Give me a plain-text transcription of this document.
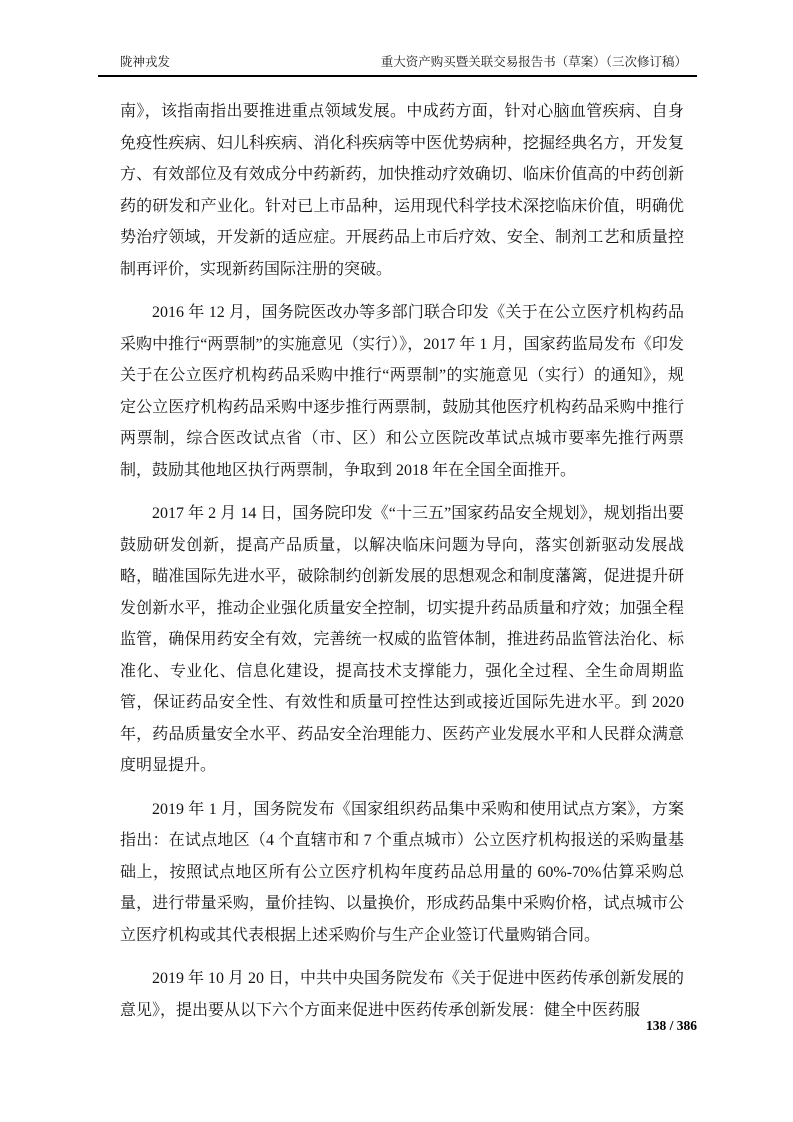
陇神戎发	重大资产购买暨关联交易报告书（草案）（三次修订稿）

南》，该指南指出要推进重点领域发展。中成药方面，针对心脑血管疾病、自身免疫性疾病、妇儿科疾病、消化科疾病等中医优势病种，挖掘经典名方，开发复方、有效部位及有效成分中药新药，加快推动疗效确切、临床价值高的中药创新药的研发和产业化。针对已上市品种，运用现代科学技术深挖临床价值，明确优势治疗领域，开发新的适应症。开展药品上市后疗效、安全、制剂工艺和质量控制再评价，实现新药国际注册的突破。

2016 年 12 月，国务院医改办等多部门联合印发《关于在公立医疗机构药品采购中推行“两票制”的实施意见（实行）》，2017 年 1 月，国家药监局发布《印发关于在公立医疗机构药品采购中推行“两票制”的实施意见（实行）的通知》，规定公立医疗机构药品采购中逐步推行两票制，鼓励其他医疗机构药品采购中推行两票制，综合医改试点省（市、区）和公立医院改革试点城市要率先推行两票制，鼓励其他地区执行两票制，争取到 2018 年在全国全面推开。

2017 年 2 月 14 日，国务院印发《“十三五”国家药品安全规划》，规划指出要鼓励研发创新，提高产品质量，以解决临床问题为导向，落实创新驱动发展战略，瞄准国际先进水平，破除制约创新发展的思想观念和制度藩篱，促进提升研发创新水平，推动企业强化质量安全控制，切实提升药品质量和疗效；加强全程监管，确保用药安全有效，完善统一权威的监管体制，推进药品监管法治化、标准化、专业化、信息化建设，提高技术支撑能力，强化全过程、全生命周期监管，保证药品安全性、有效性和质量可控性达到或接近国际先进水平。到 2020 年，药品质量安全水平、药品安全治理能力、医药产业发展水平和人民群众满意度明显提升。

2019 年 1 月，国务院发布《国家组织药品集中采购和使用试点方案》，方案指出：在试点地区（4 个直辖市和 7 个重点城市）公立医疗机构报送的采购量基础上，按照试点地区所有公立医疗机构年度药品总用量的 60%-70%估算采购总量，进行带量采购，量价挂钩、以量换价，形成药品集中采购价格，试点城市公立医疗机构或其代表根据上述采购价与生产企业签订代量购销合同。

2019 年 10 月 20 日，中共中央国务院发布《关于促进中医药传承创新发展的意见》，提出要从以下六个方面来促进中医药传承创新发展：健全中医药服

138 / 386
